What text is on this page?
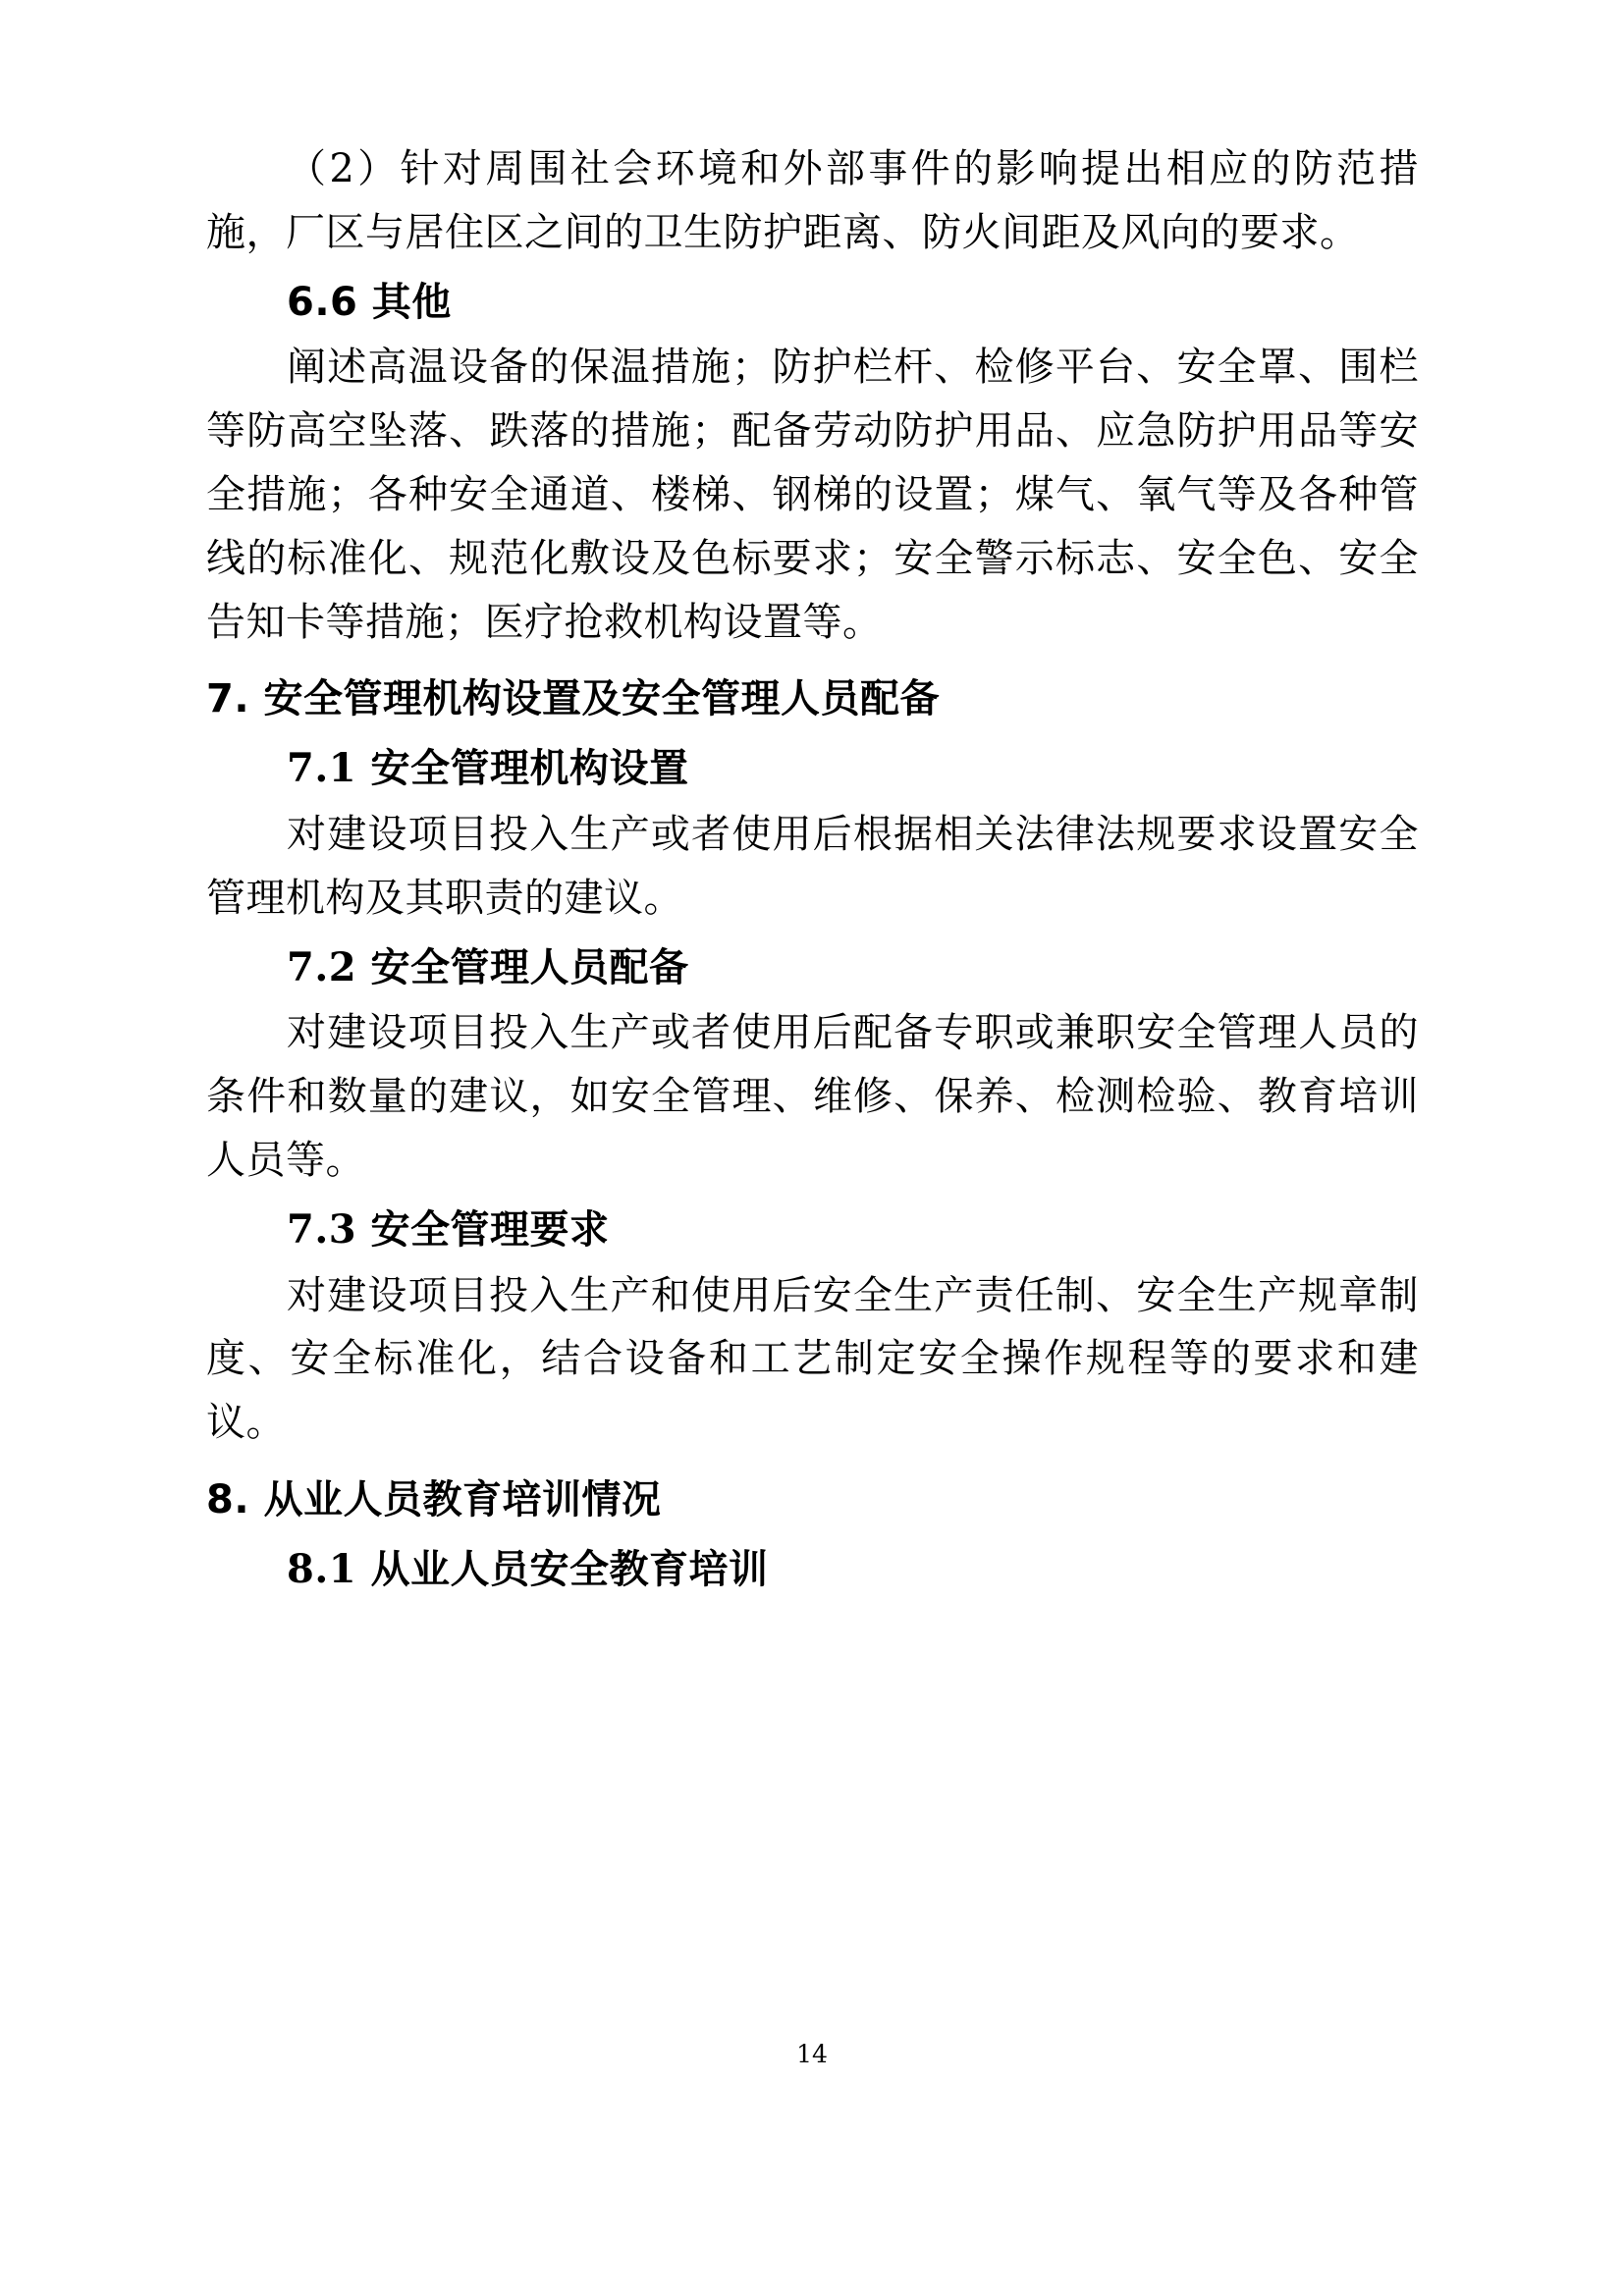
（2）针对周围社会环境和外部事件的影响提出相应的防范措施，厂区与居住区之间的卫生防护距离、防火间距及风向的要求。

6.6 其他

阐述高温设备的保温措施；防护栏杆、检修平台、安全罩、围栏等防高空坠落、跌落的措施；配备劳动防护用品、应急防护用品等安全措施；各种安全通道、楼梯、钢梯的设置；煤气、氧气等及各种管线的标准化、规范化敷设及色标要求；安全警示标志、安全色、安全告知卡等措施；医疗抢救机构设置等。

7. 安全管理机构设置及安全管理人员配备

7.1 安全管理机构设置

对建设项目投入生产或者使用后根据相关法律法规要求设置安全管理机构及其职责的建议。

7.2 安全管理人员配备

对建设项目投入生产或者使用后配备专职或兼职安全管理人员的条件和数量的建议，如安全管理、维修、保养、检测检验、教育培训人员等。

7.3 安全管理要求

对建设项目投入生产和使用后安全生产责任制、安全生产规章制度、安全标准化，结合设备和工艺制定安全操作规程等的要求和建议。

8. 从业人员教育培训情况

8.1 从业人员安全教育培训

14
